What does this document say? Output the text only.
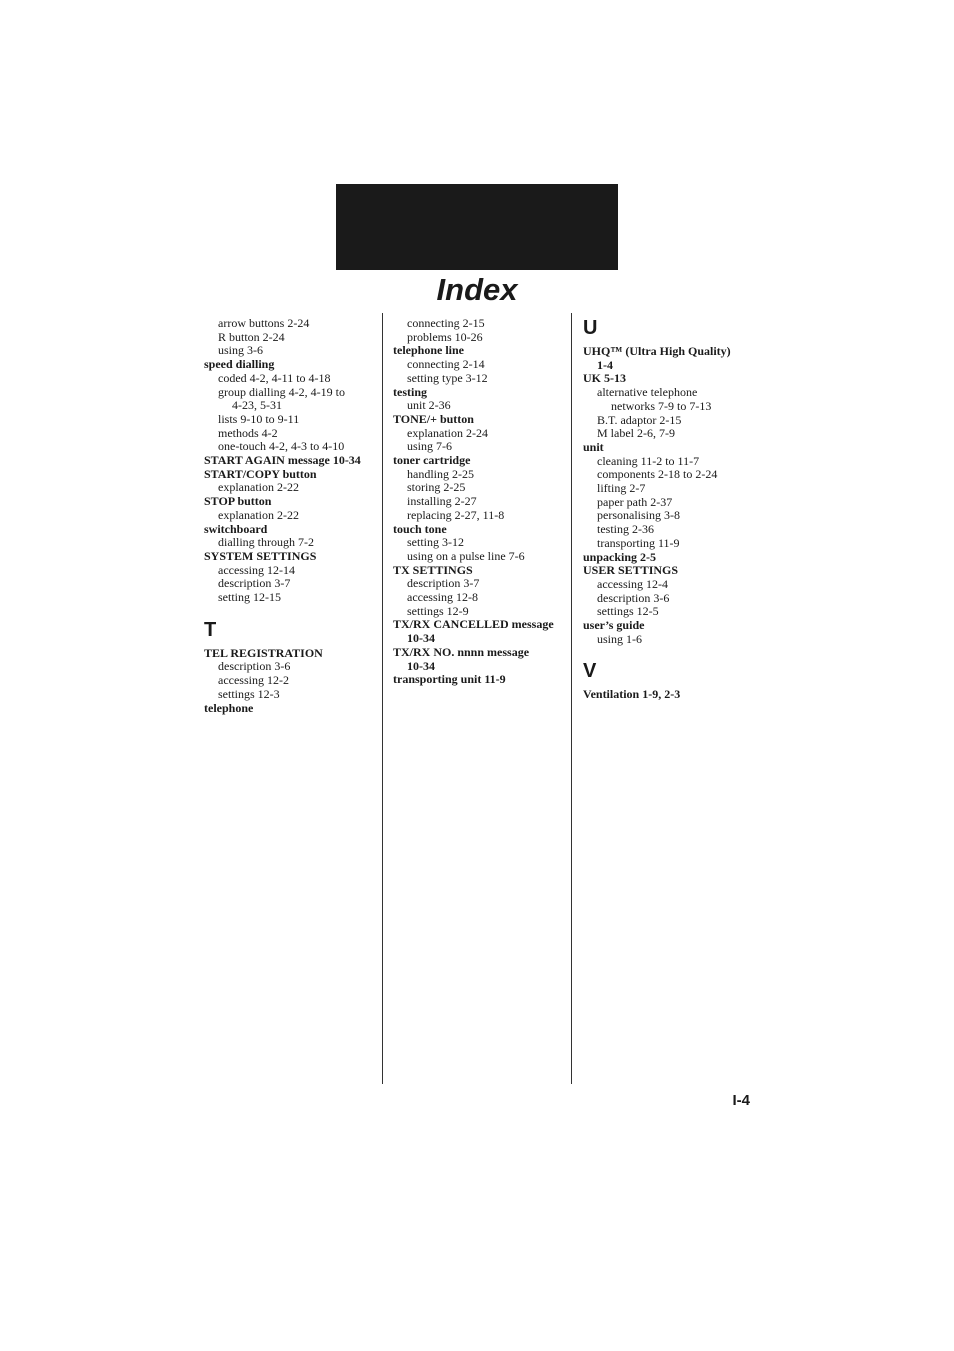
Index
arrow buttons 2-24
R button 2-24
using 3-6
speed dialling
coded 4-2, 4-11 to 4-18
group dialling 4-2, 4-19 to
4-23, 5-31
lists 9-10 to 9-11
methods 4-2
one-touch 4-2, 4-3 to 4-10
START AGAIN message 10-34
START/COPY button
explanation 2-22
STOP button
explanation 2-22
switchboard
dialling through 7-2
SYSTEM SETTINGS
accessing 12-14
description 3-7
setting 12-15
T
TEL REGISTRATION
description 3-6
accessing 12-2
settings 12-3
telephone
connecting 2-15
problems 10-26
telephone line
connecting 2-14
setting type 3-12
testing
unit 2-36
TONE/+ button
explanation 2-24
using 7-6
toner cartridge
handling 2-25
storing 2-25
installing 2-27
replacing 2-27, 11-8
touch tone
setting 3-12
using on a pulse line 7-6
TX SETTINGS
description 3-7
accessing 12-8
settings 12-9
TX/RX CANCELLED message
10-34
TX/RX NO. nnnn message
10-34
transporting unit 11-9
U
UHQ™ (Ultra High Quality)
1-4
UK 5-13
alternative telephone
networks 7-9 to 7-13
B.T. adaptor 2-15
M label 2-6, 7-9
unit
cleaning 11-2 to 11-7
components 2-18 to 2-24
lifting 2-7
paper path 2-37
personalising 3-8
testing 2-36
transporting 11-9
unpacking 2-5
USER SETTINGS
accessing 12-4
description 3-6
settings 12-5
user’s guide
using 1-6
V
Ventilation 1-9, 2-3
I-4
